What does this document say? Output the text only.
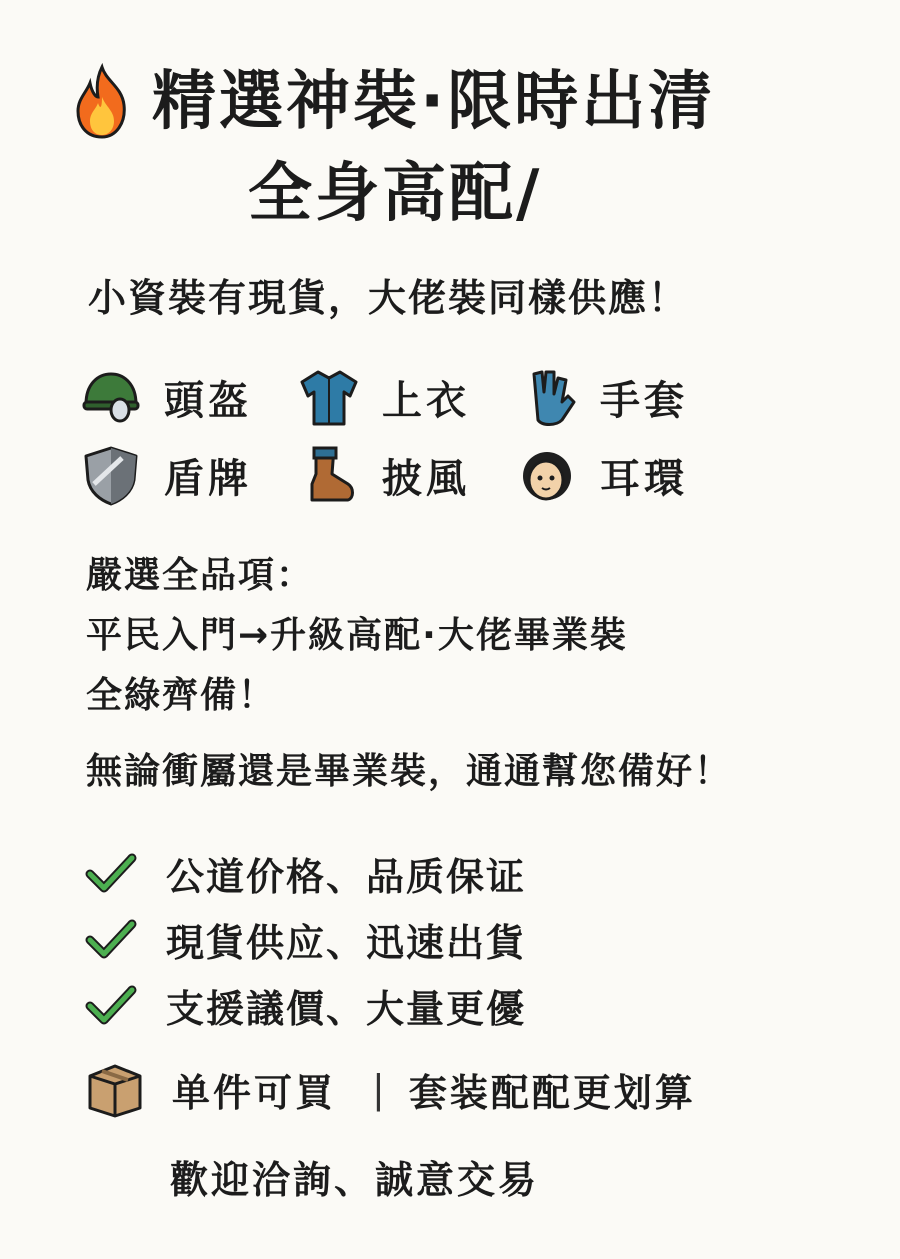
精選神裝·限時出清
全身高配/
小資裝有現貨，大佬裝同樣供應！
頭盔	上衣	手套
盾牌	披風	耳環
嚴選全品項：
平民入門→升級高配·大佬畢業裝
全綠齊備！
無論衝屬還是畢業裝，通通幫您備好！
公道价格、品质保证
現貨供应、迅速出貨
支援議價、大量更優
单件可買 | 套装配配更划算
歡迎洽詢、誠意交易
